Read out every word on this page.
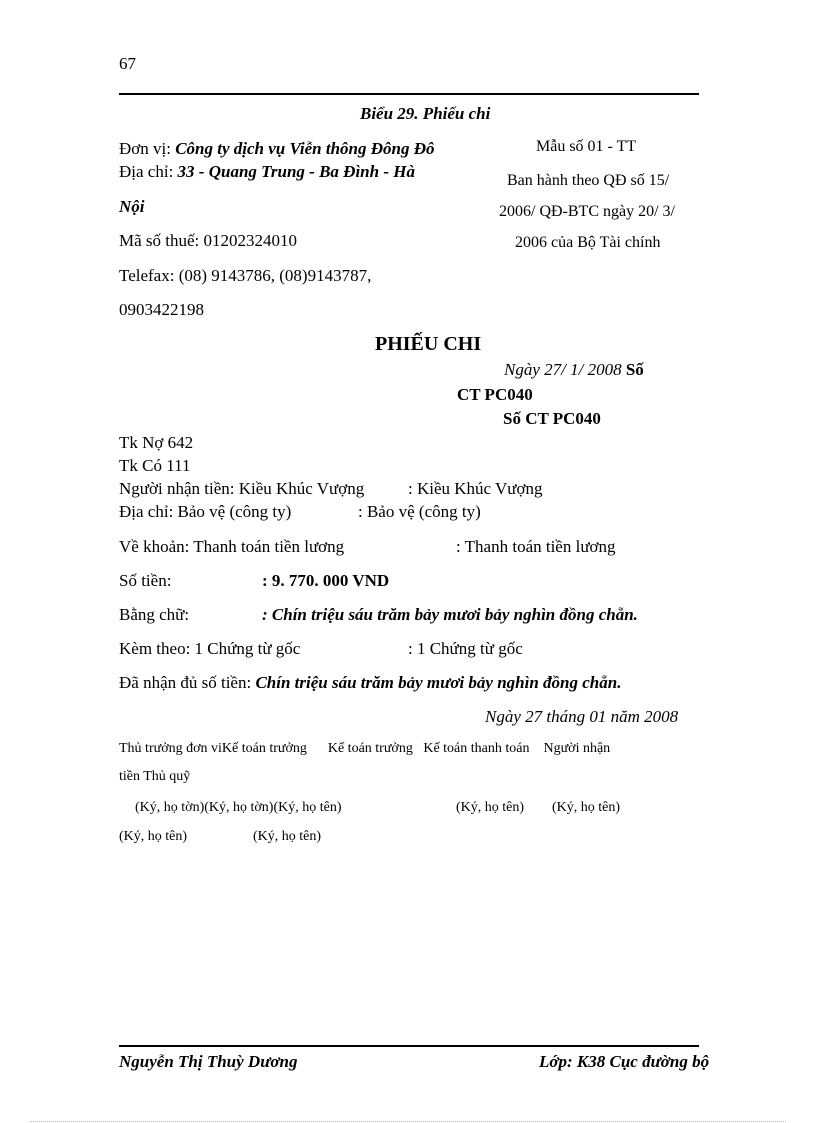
67
Biểu 29. Phiếu chi
Đơn vị: Công ty dịch vụ Viễn thông Đông Đô
Địa chỉ: 33 - Quang Trung - Ba Đình - Hà
Nội
Mã số thuế: 01202324010
Telefax: (08) 9143786, (08)9143787,
0903422198
Mẫu số 01 - TT
Ban hành theo QĐ số 15/
2006/ QĐ-BTC ngày 20/ 3/
2006 của Bộ Tài chính
PHIẾU CHI
Ngày 27/ 1/ 2008 Số
CT PC040
Số CT PC040
Tk Nợ 642
Tk Có 111
Người nhận tiền: Kiều Khúc Vượng	: Kiều Khúc Vượng
Địa chỉ: Bảo vệ (công ty)	: Bảo vệ (công ty)
Về khoản: Thanh toán tiền lương	: Thanh toán tiền lương
Số tiền:	: 9. 770. 000 VND
Bằng chữ:	: Chín triệu sáu trăm bảy mươi bảy nghìn đồng chẵn.
Kèm theo: 1 Chứng từ gốc	: 1 Chứng từ gốc
Đã nhận đủ số tiền: Chín triệu sáu trăm bảy mươi bảy nghìn đồng chẵn.
Ngày 27 tháng 01 năm 2008
Thủ trưởng đơn viKế toán trưởng      Kế toán trưởng   Kế toán thanh toán    Người nhận
tiền Thủ quỹ
(Ký, họ tờn)(Ký, họ tờn)(Ký, họ tên)	(Ký, họ tên) (Ký, họ tên)
(Ký, họ tên)	(Ký, họ tên)
Nguyễn Thị Thuỳ Dương	Lớp: K38 Cục đường bộ
